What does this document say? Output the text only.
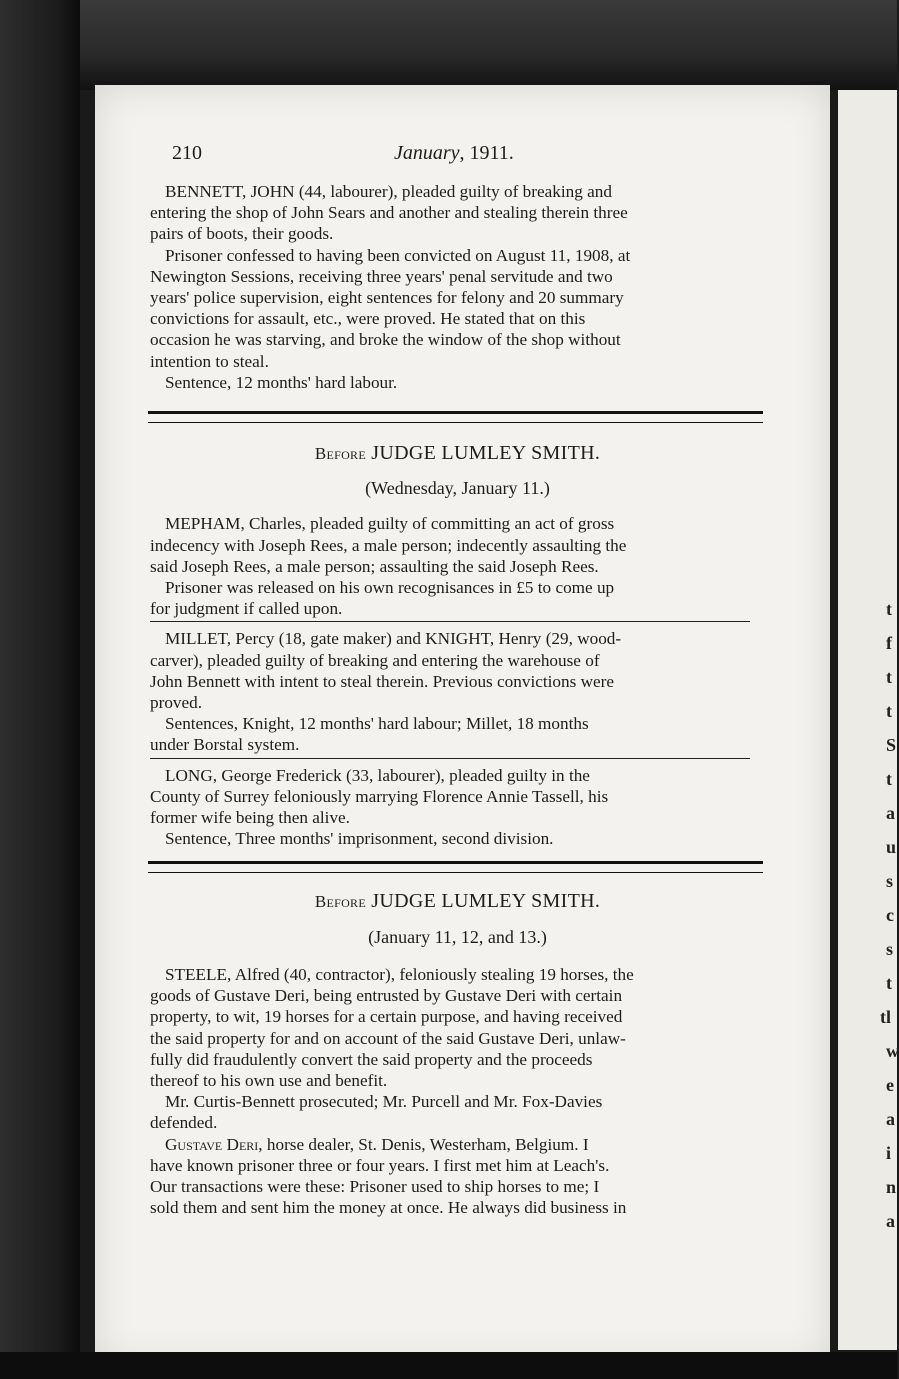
t
f
t
t
S
t
a
u
s
c
s
t
tl
w
e
a
i
n
a
210	January, 1911.

BENNETT, JOHN (44, labourer), pleaded guilty of breaking and

entering the shop of John Sears and another and stealing therein three

pairs of boots, their goods.

Prisoner confessed to having been convicted on August 11, 1908, at

Newington Sessions, receiving three years' penal servitude and two

years' police supervision, eight sentences for felony and 20 summary

convictions for assault, etc., were proved. He stated that on this

occasion he was starving, and broke the window of the shop without

intention to steal.

Sentence, 12 months' hard labour.

Before JUDGE LUMLEY SMITH.
(Wednesday, January 11.)

MEPHAM, Charles, pleaded guilty of committing an act of gross

indecency with Joseph Rees, a male person; indecently assaulting the

said Joseph Rees, a male person; assaulting the said Joseph Rees.

Prisoner was released on his own recognisances in £5 to come up

for judgment if called upon.

MILLET, Percy (18, gate maker) and KNIGHT, Henry (29, wood-

carver), pleaded guilty of breaking and entering the warehouse of

John Bennett with intent to steal therein. Previous convictions were

proved.

Sentences, Knight, 12 months' hard labour; Millet, 18 months

under Borstal system.

LONG, George Frederick (33, labourer), pleaded guilty in the

County of Surrey feloniously marrying Florence Annie Tassell, his

former wife being then alive.

Sentence, Three months' imprisonment, second division.

Before JUDGE LUMLEY SMITH.
(January 11, 12, and 13.)

STEELE, Alfred (40, contractor), feloniously stealing 19 horses, the

goods of Gustave Deri, being entrusted by Gustave Deri with certain

property, to wit, 19 horses for a certain purpose, and having received

the said property for and on account of the said Gustave Deri, unlaw-

fully did fraudulently convert the said property and the proceeds

thereof to his own use and benefit.

Mr. Curtis-Bennett prosecuted; Mr. Purcell and Mr. Fox-Davies

defended.

Gustave Deri, horse dealer, St. Denis, Westerham, Belgium. I

have known prisoner three or four years. I first met him at Leach's.

Our transactions were these: Prisoner used to ship horses to me; I

sold them and sent him the money at once. He always did business in
